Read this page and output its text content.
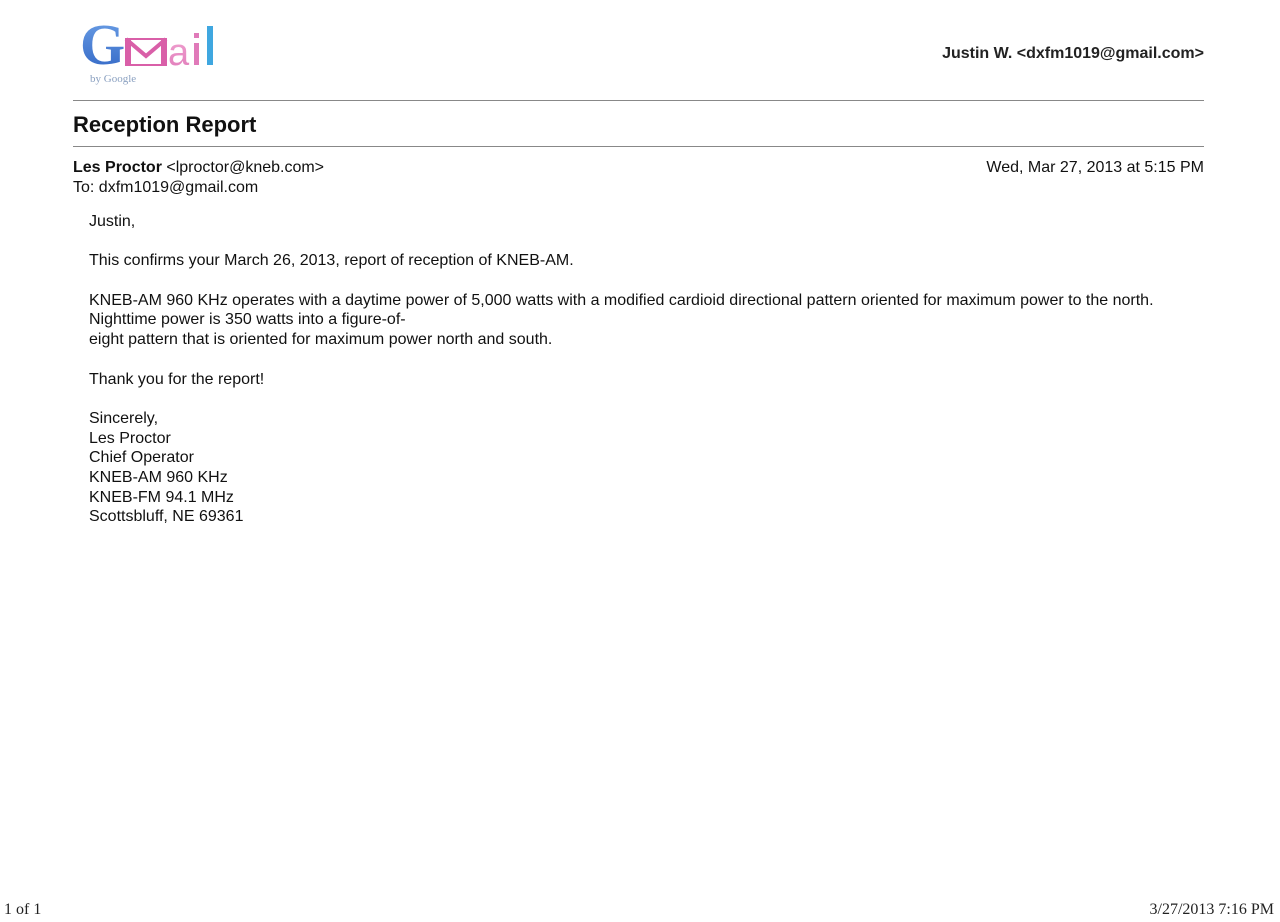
G a
by Google
Justin W. <dxfm1019@gmail.com>
Reception Report
Les Proctor <lproctor@kneb.com>
To: dxfm1019@gmail.com
Wed, Mar 27, 2013 at 5:15 PM

Justin,

This confirms your March 26, 2013, report of reception of KNEB-AM.

KNEB-AM 960 KHz operates with a daytime power of 5,000 watts with a modified cardioid directional pattern oriented for maximum power to the north.

Nighttime power is 350 watts into a figure-of-

eight pattern that is oriented for maximum power north and south.

Thank you for the report!

Sincerely,

Les Proctor

Chief Operator

KNEB-AM 960 KHz

KNEB-FM 94.1 MHz

Scottsbluff, NE 69361

1 of 1	3/27/2013 7:16 PM
